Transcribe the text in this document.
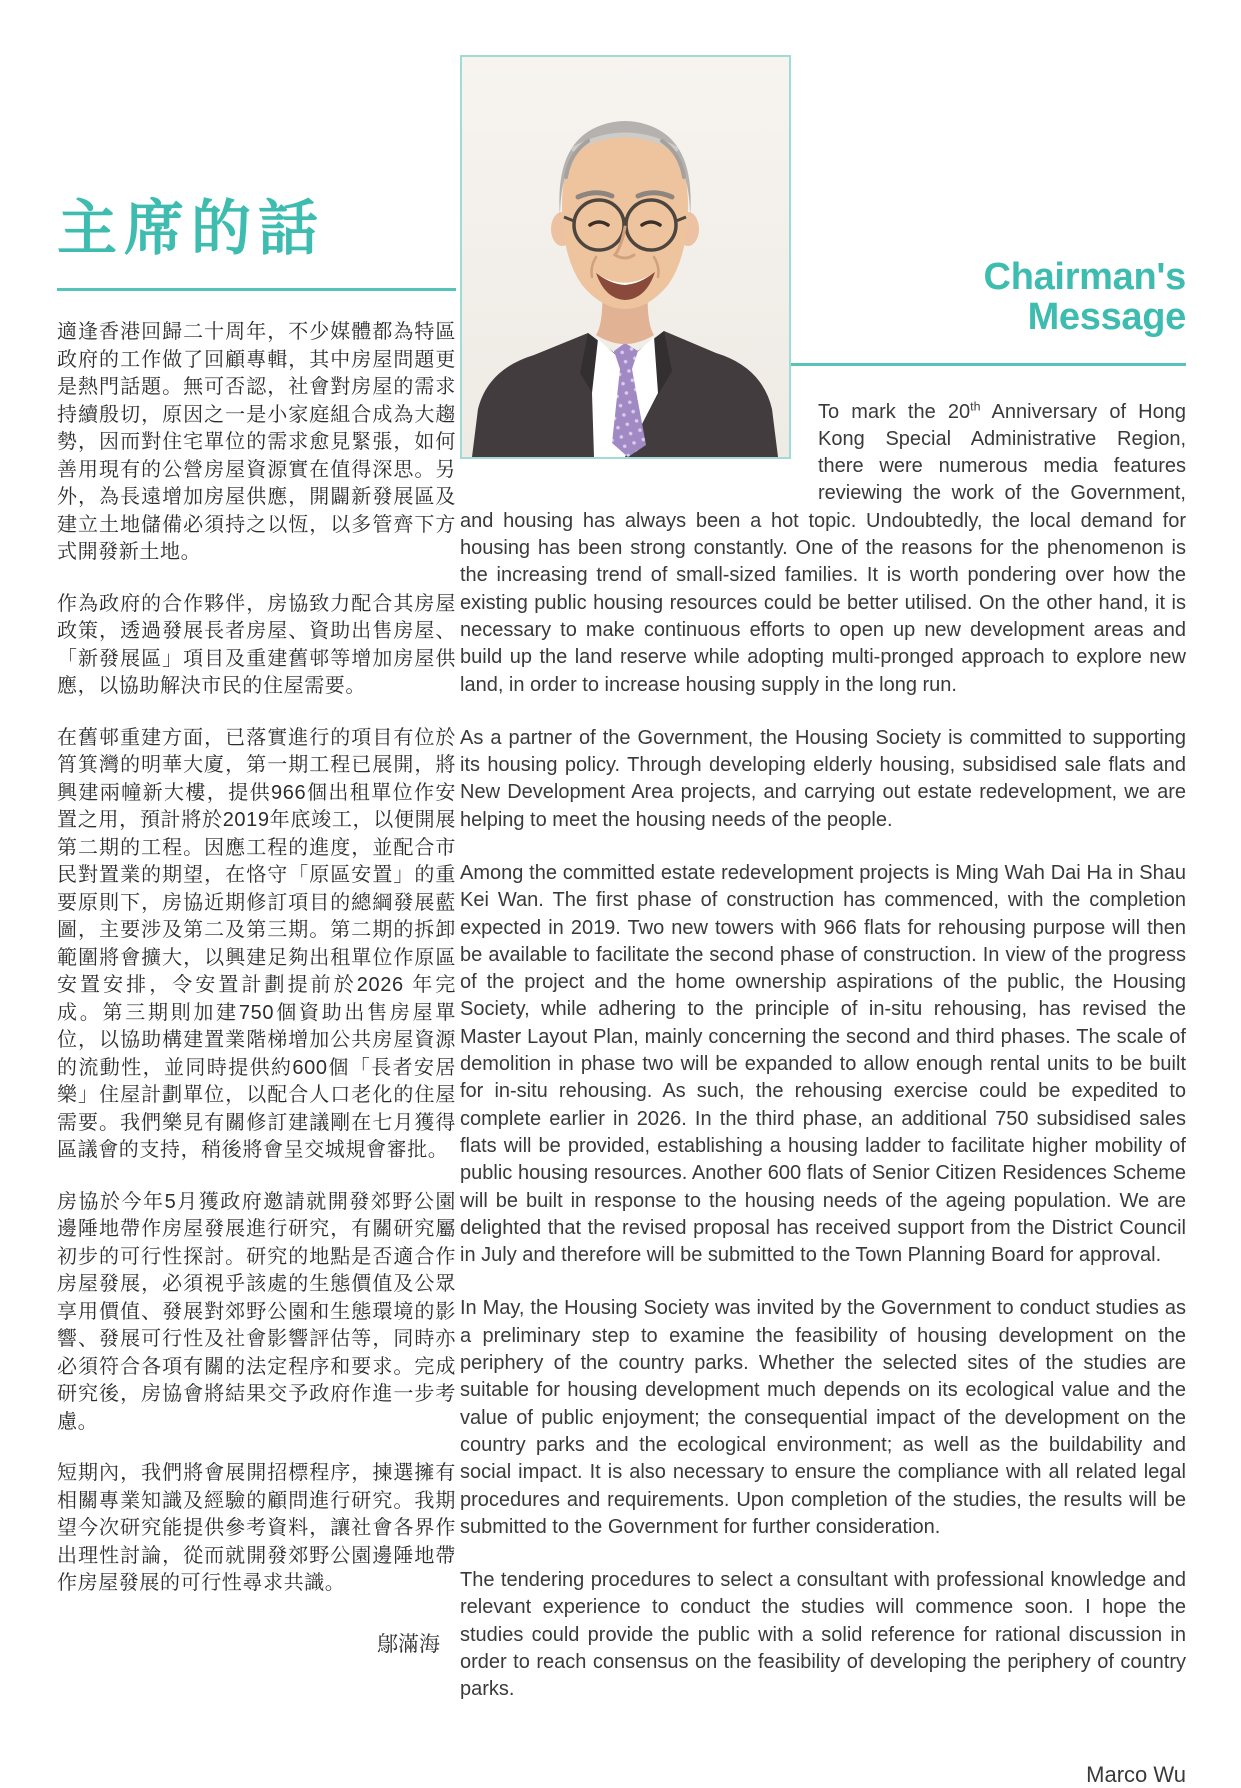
主席的話

適逢香港回歸二十周年，不少媒體都為特區政府的工作做了回顧專輯，其中房屋問題更是熱門話題。無可否認，社會對房屋的需求持續殷切，原因之一是小家庭組合成為大趨勢，因而對住宅單位的需求愈見緊張，如何善用現有的公營房屋資源實在值得深思。另外，為長遠增加房屋供應，開闢新發展區及建立土地儲備必須持之以恆，以多管齊下方式開發新土地。

作為政府的合作夥伴，房協致力配合其房屋政策，透過發展長者房屋、資助出售房屋、「新發展區」項目及重建舊邨等增加房屋供應，以協助解決市民的住屋需要。

在舊邨重建方面，已落實進行的項目有位於筲箕灣的明華大廈，第一期工程已展開，將興建兩幢新大樓，提供966個出租單位作安置之用，預計將於2019年底竣工，以便開展第二期的工程。因應工程的進度，並配合市民對置業的期望，在恪守「原區安置」的重要原則下，房協近期修訂項目的總綱發展藍圖，主要涉及第二及第三期。第二期的拆卸範圍將會擴大，以興建足夠出租單位作原區安置安排，令安置計劃提前於2026 年完成。第三期則加建750個資助出售房屋單位，以協助構建置業階梯增加公共房屋資源的流動性，並同時提供約600個「長者安居樂」住屋計劃單位，以配合人口老化的住屋需要。我們樂見有關修訂建議剛在七月獲得區議會的支持，稍後將會呈交城規會審批。

房協於今年5月獲政府邀請就開發郊野公園邊陲地帶作房屋發展進行研究，有關研究屬初步的可行性探討。研究的地點是否適合作房屋發展，必須視乎該處的生態價值及公眾享用價值、發展對郊野公園和生態環境的影響、發展可行性及社會影響評估等，同時亦必須符合各項有關的法定程序和要求。完成研究後，房協會將結果交予政府作進一步考慮。

短期內，我們將會展開招標程序，揀選擁有相關專業知識及經驗的顧問進行研究。我期望今次研究能提供參考資料，讓社會各界作出理性討論，從而就開發郊野公園邊陲地帶作房屋發展的可行性尋求共識。

鄔滿海
Chairman's Message

To mark the 20th Anniversary of Hong Kong Special Administrative Region, there were numerous media features reviewing the work of the Government, and housing has always been a hot topic. Undoubtedly, the local demand for housing has been strong constantly. One of the reasons for the phenomenon is the increasing trend of small-sized families. It is worth pondering over how the existing public housing resources could be better utilised. On the other hand, it is necessary to make continuous efforts to open up new development areas and build up the land reserve while adopting multi-pronged approach to explore new land, in order to increase housing supply in the long run.

As a partner of the Government, the Housing Society is committed to supporting its housing policy. Through developing elderly housing, subsidised sale flats and New Development Area projects, and carrying out estate redevelopment, we are helping to meet the housing needs of the people.

Among the committed estate redevelopment projects is Ming Wah Dai Ha in Shau Kei Wan. The first phase of construction has commenced, with the completion expected in 2019. Two new towers with 966 flats for rehousing purpose will then be available to facilitate the second phase of construction. In view of the progress of the project and the home ownership aspirations of the public, the Housing Society, while adhering to the principle of in-situ rehousing, has revised the Master Layout Plan, mainly concerning the second and third phases. The scale of demolition in phase two will be expanded to allow enough rental units to be built for in-situ rehousing. As such, the rehousing exercise could be expedited to complete earlier in 2026. In the third phase, an additional 750 subsidised sales flats will be provided, establishing a housing ladder to facilitate higher mobility of public housing resources. Another 600 flats of Senior Citizen Residences Scheme will be built in response to the housing needs of the ageing population. We are delighted that the revised proposal has received support from the District Council in July and therefore will be submitted to the Town Planning Board for approval.

In May, the Housing Society was invited by the Government to conduct studies as a preliminary step to examine the feasibility of housing development on the periphery of the country parks. Whether the selected sites of the studies are suitable for housing development much depends on its ecological value and the value of public enjoyment; the consequential impact of the development on the country parks and the ecological environment; as well as the buildability and social impact. It is also necessary to ensure the compliance with all related legal procedures and requirements. Upon completion of the studies, the results will be submitted to the Government for further consideration.

The tendering procedures to select a consultant with professional knowledge and relevant experience to conduct the studies will commence soon. I hope the studies could provide the public with a solid reference for rational discussion in order to reach consensus on the feasibility of developing the periphery of country parks.

Marco Wu
